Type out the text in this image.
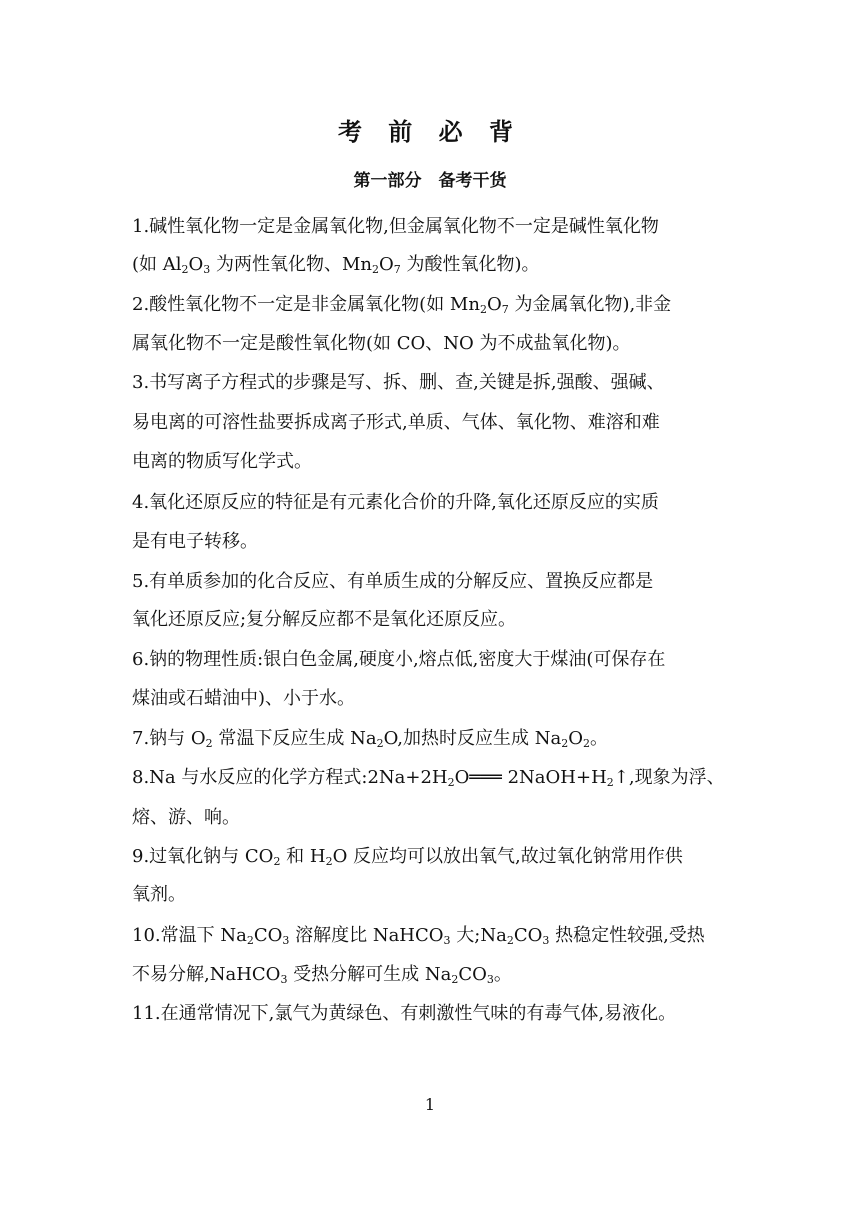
考 前 必 背
第一部分　备考干货
1.碱性氧化物一定是金属氧化物,但金属氧化物不一定是碱性氧化物
(如 $Al_2O_3$ 为两性氧化物、$Mn_2O_7$ 为酸性氧化物)。
2.酸性氧化物不一定是非金属氧化物(如 $Mn_2O_7$ 为金属氧化物),非金
属氧化物不一定是酸性氧化物(如 CO、NO 为不成盐氧化物)。
3.书写离子方程式的步骤是写、拆、删、查,关键是拆,强酸、强碱、
易电离的可溶性盐要拆成离子形式,单质、气体、氧化物、难溶和难
电离的物质写化学式。
4.氧化还原反应的特征是有元素化合价的升降,氧化还原反应的实质
是有电子转移。
5.有单质参加的化合反应、有单质生成的分解反应、置换反应都是
氧化还原反应;复分解反应都不是氧化还原反应。
6.钠的物理性质:银白色金属,硬度小,熔点低,密度大于煤油(可保存在
煤油或石蜡油中)、小于水。
7.钠与 $O_2$ 常温下反应生成 $Na_2O$,加热时反应生成 $Na_2O_2$。
8.Na 与水反应的化学方程式$:2Na+2H_2O═══$ $2NaOH+H_2↑$,现象为浮、
熔、游、响。
9.过氧化钠与 $CO_2$ 和 $H_2O$ 反应均可以放出氧气,故过氧化钠常用作供
氧剂。
10.常温下 $Na_2CO_3$ 溶解度比 NaHCO$_3$ 大$;Na_2CO_3$ 热稳定性较强,受热
不易分解,NaHCO$_3$ 受热分解可生成 $Na_2CO_3$。
11.在通常情况下,氯气为黄绿色、有刺激性气味的有毒气体,易液化。
1
